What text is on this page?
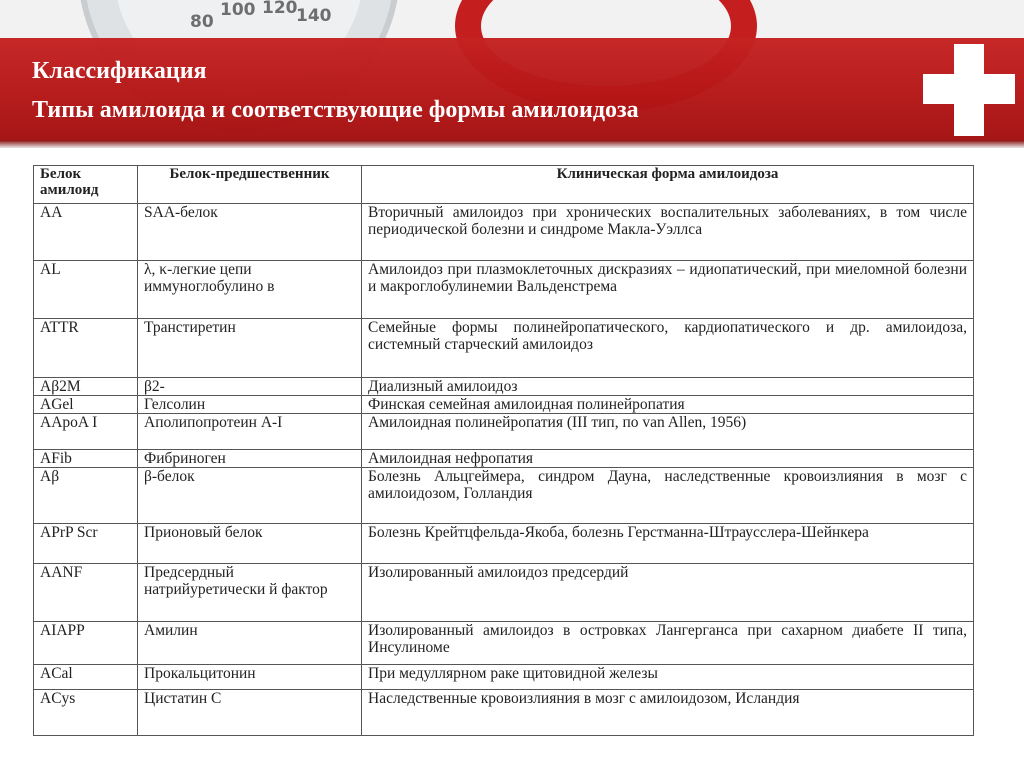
80
100 120
140
Классификация
Типы амилоида и соответствующие формы амилоидоза
Белок амилоид	Белок-предшественник	Клиническая форма амилоидоза
AA	SAA-белок	Вторичный амилоидоз при хронических воспалительных заболеваниях, в том числе периодической болезни и синдроме Макла-Уэллса
AL	λ, κ-легкие цепи иммуноглобулино в	Амилоидоз при плазмоклеточных дискразиях – идиопатический, при миеломной болезни и макроглобулинемии Вальденстрема
ATTR	Транстиретин	Семейные формы полинейропатического, кардиопатического и др. амилоидоза, системный старческий амилоидоз
Aβ2M	β2-	Диализный амилоидоз
AGel	Гелсолин	Финская семейная амилоидная полинейропатия
AApoA I	Аполипопротеин A-I	Амилоидная полинейропатия (III тип, по van Allen, 1956)
AFib	Фибриноген	Амилоидная нефропатия
Aβ	β-белок	Болезнь Альцгеймера, синдром Дауна, наследственные кровоизлияния в мозг с амилоидозом, Голландия
APrP Scr	Прионовый белок	Болезнь Крейтцфельда-Якоба, болезнь Герстманна-Штраусслера-Шейнкера
AANF	Предсердный натрийуретически й фактор	Изолированный амилоидоз предсердий
AIAPP	Амилин	Изолированный амилоидоз в островках Лангерганса при сахарном диабете II типа, Инсулиноме
ACal	Прокальцитонин	При медуллярном раке щитовидной железы
ACys	Цистатин С	Наследственные кровоизлияния в мозг с амилоидозом, Исландия
